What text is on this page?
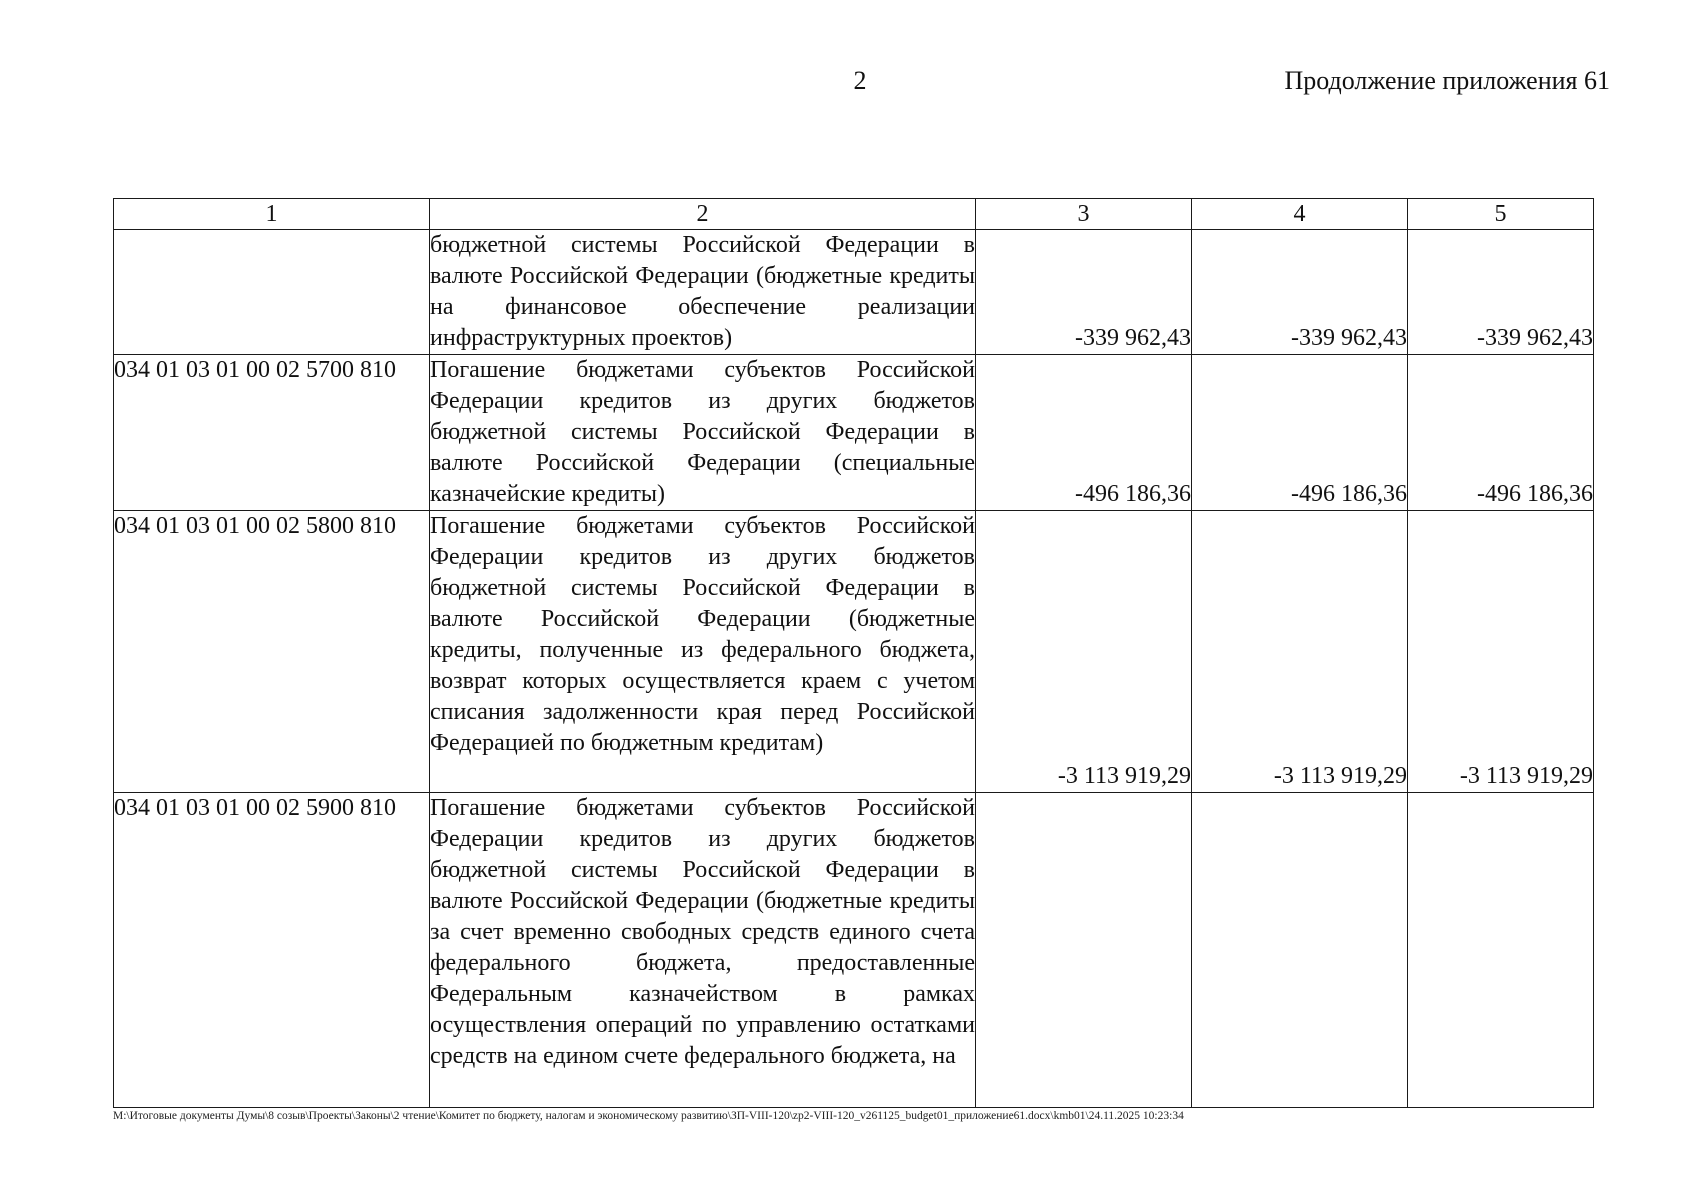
2	Продолжение приложения 61
1	2	3	4	5
	бюджетной системы Российской Федерации в валюте Российской Федерации (бюджетные кредиты на финансовое обеспечение реализации инфраструктурных проектов)	-339 962,43	-339 962,43	-339 962,43
034 01 03 01 00 02 5700 810	Погашение бюджетами субъектов Российской Федерации кредитов из других бюджетов бюджетной системы Российской Федерации в валюте Российской Федерации (специальные казначейские кредиты)	-496 186,36	-496 186,36	-496 186,36
034 01 03 01 00 02 5800 810	Погашение бюджетами субъектов Российской Федерации кредитов из других бюджетов бюджетной системы Российской Федерации в валюте Российской Федерации (бюджетные кредиты, полученные из федерального бюджета, возврат которых осуществляется краем с учетом списания задолженности края перед Российской Федерацией по бюджетным кредитам)	-3 113 919,29	-3 113 919,29	-3 113 919,29
034 01 03 01 00 02 5900 810	Погашение бюджетами субъектов Российской Федерации кредитов из других бюджетов бюджетной системы Российской Федерации в валюте Российской Федерации (бюджетные кредиты за счет временно свободных средств единого счета федерального бюджета, предоставленные Федеральным казначейством в рамках осуществления операций по управлению остатками средств на едином счете федерального бюджета, на			
M:\Итоговые документы Думы\8 созыв\Проекты\Законы\2 чтение\Комитет по бюджету, налогам и экономическому развитию\ЗП-VIII-120\zp2-VIII-120_v261125_budget01_приложение61.docx\kmb01\24.11.2025 10:23:34
